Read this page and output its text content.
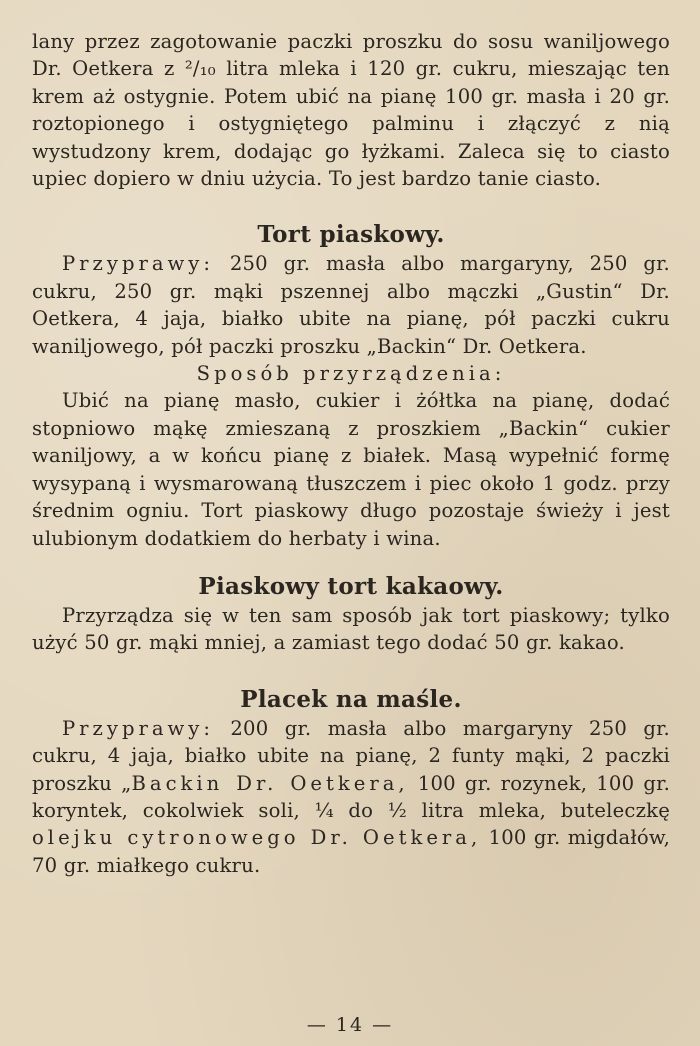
lany przez zagotowanie paczki proszku do sosu waniljowego Dr. Oetkera z ²/₁₀ litra mleka i 120 gr. cukru, mieszając ten krem aż ostygnie. Potem ubić na pianę 100 gr. masła i 20 gr. roztopionego i ostygniętego palminu i złączyć z nią wystudzony krem, dodając go łyżkami. Zaleca się to ciasto upiec dopiero w dniu użycia. To jest bardzo tanie ciasto.

Tort piaskowy.

Przyprawy: 250 gr. masła albo margaryny, 250 gr. cukru, 250 gr. mąki pszennej albo mączki „Gustin“ Dr. Oetkera, 4 jaja, białko ubite na pianę, pół paczki cukru waniljowego, pół paczki proszku „Backin“ Dr. Oetkera.

Sposób przyrządzenia:

Ubić na pianę masło, cukier i żółtka na pianę, dodać stopniowo mąkę zmieszaną z proszkiem „Backin“ cukier waniljowy, a w końcu pianę z białek. Masą wypełnić formę wysypaną i wysmarowaną tłuszczem i piec około 1 godz. przy średnim ogniu. Tort piaskowy długo pozostaje świeży i jest ulubionym dodatkiem do herbaty i wina.

Piaskowy tort kakaowy.

Przyrządza się w ten sam sposób jak tort piaskowy; tylko użyć 50 gr. mąki mniej, a zamiast tego dodać 50 gr. kakao.

Placek na maśle.

Przyprawy: 200 gr. masła albo margaryny 250 gr. cukru, 4 jaja, białko ubite na pianę, 2 funty mąki, 2 paczki proszku „Backin Dr. Oetkera, 100 gr. rozynek, 100 gr. koryntek, cokolwiek soli, ¼ do ½ litra mleka, buteleczkę olejku cytronowego Dr. Oetkera, 100 gr. migdałów, 70 gr. miałkego cukru.

— 14 —
